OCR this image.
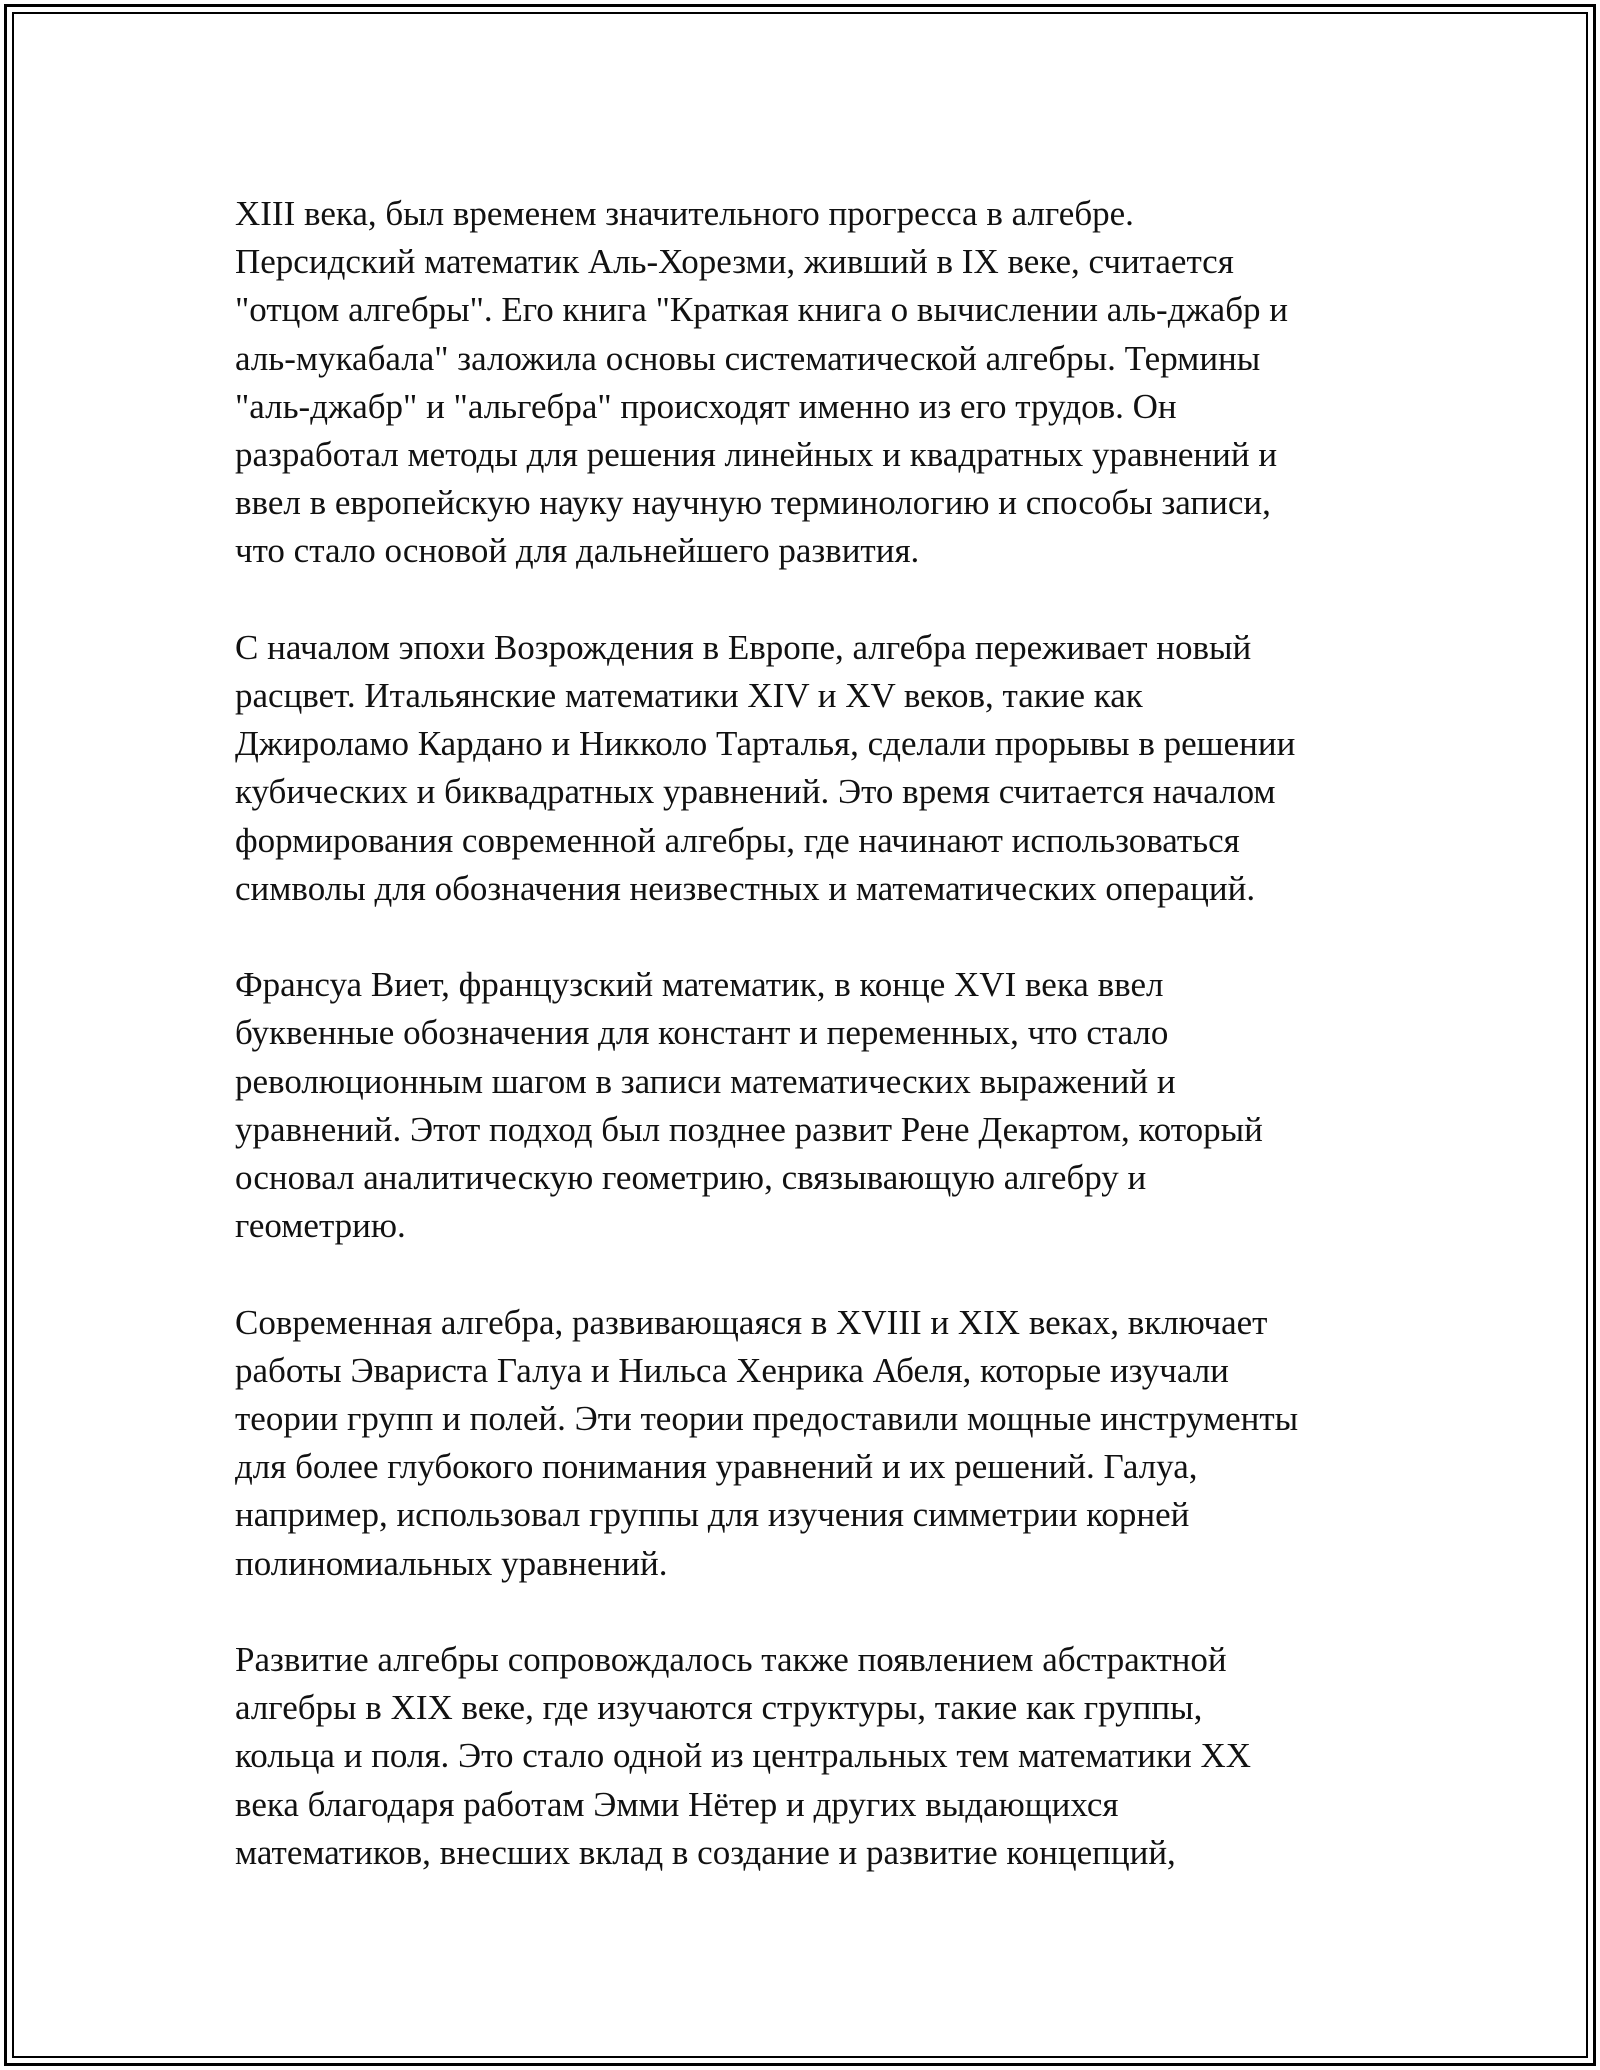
XIII века, был временем значительного прогресса в алгебре.
Персидский математик Аль-Хорезми, живший в IX веке, считается
"отцом алгебры". Его книга "Краткая книга о вычислении аль-джабр и
аль-мукабала" заложила основы систематической алгебры. Термины
"аль-джабр" и "альгебра" происходят именно из его трудов. Он
разработал методы для решения линейных и квадратных уравнений и
ввел в европейскую науку научную терминологию и способы записи,
что стало основой для дальнейшего развития.

С началом эпохи Возрождения в Европе, алгебра переживает новый
расцвет. Итальянские математики XIV и XV веков, такие как
Джироламо Кардано и Никколо Тарталья, сделали прорывы в решении
кубических и биквадратных уравнений. Это время считается началом
формирования современной алгебры, где начинают использоваться
символы для обозначения неизвестных и математических операций.

Франсуа Виет, французский математик, в конце XVI века ввел
буквенные обозначения для констант и переменных, что стало
революционным шагом в записи математических выражений и
уравнений. Этот подход был позднее развит Рене Декартом, который
основал аналитическую геометрию, связывающую алгебру и
геометрию.

Современная алгебра, развивающаяся в XVIII и XIX веках, включает
работы Эвариста Галуа и Нильса Хенрика Абеля, которые изучали
теории групп и полей. Эти теории предоставили мощные инструменты
для более глубокого понимания уравнений и их решений. Галуа,
например, использовал группы для изучения симметрии корней
полиномиальных уравнений.

Развитие алгебры сопровождалось также появлением абстрактной
алгебры в XIX веке, где изучаются структуры, такие как группы,
кольца и поля. Это стало одной из центральных тем математики XX
века благодаря работам Эмми Нётер и других выдающихся
математиков, внесших вклад в создание и развитие концепций,
